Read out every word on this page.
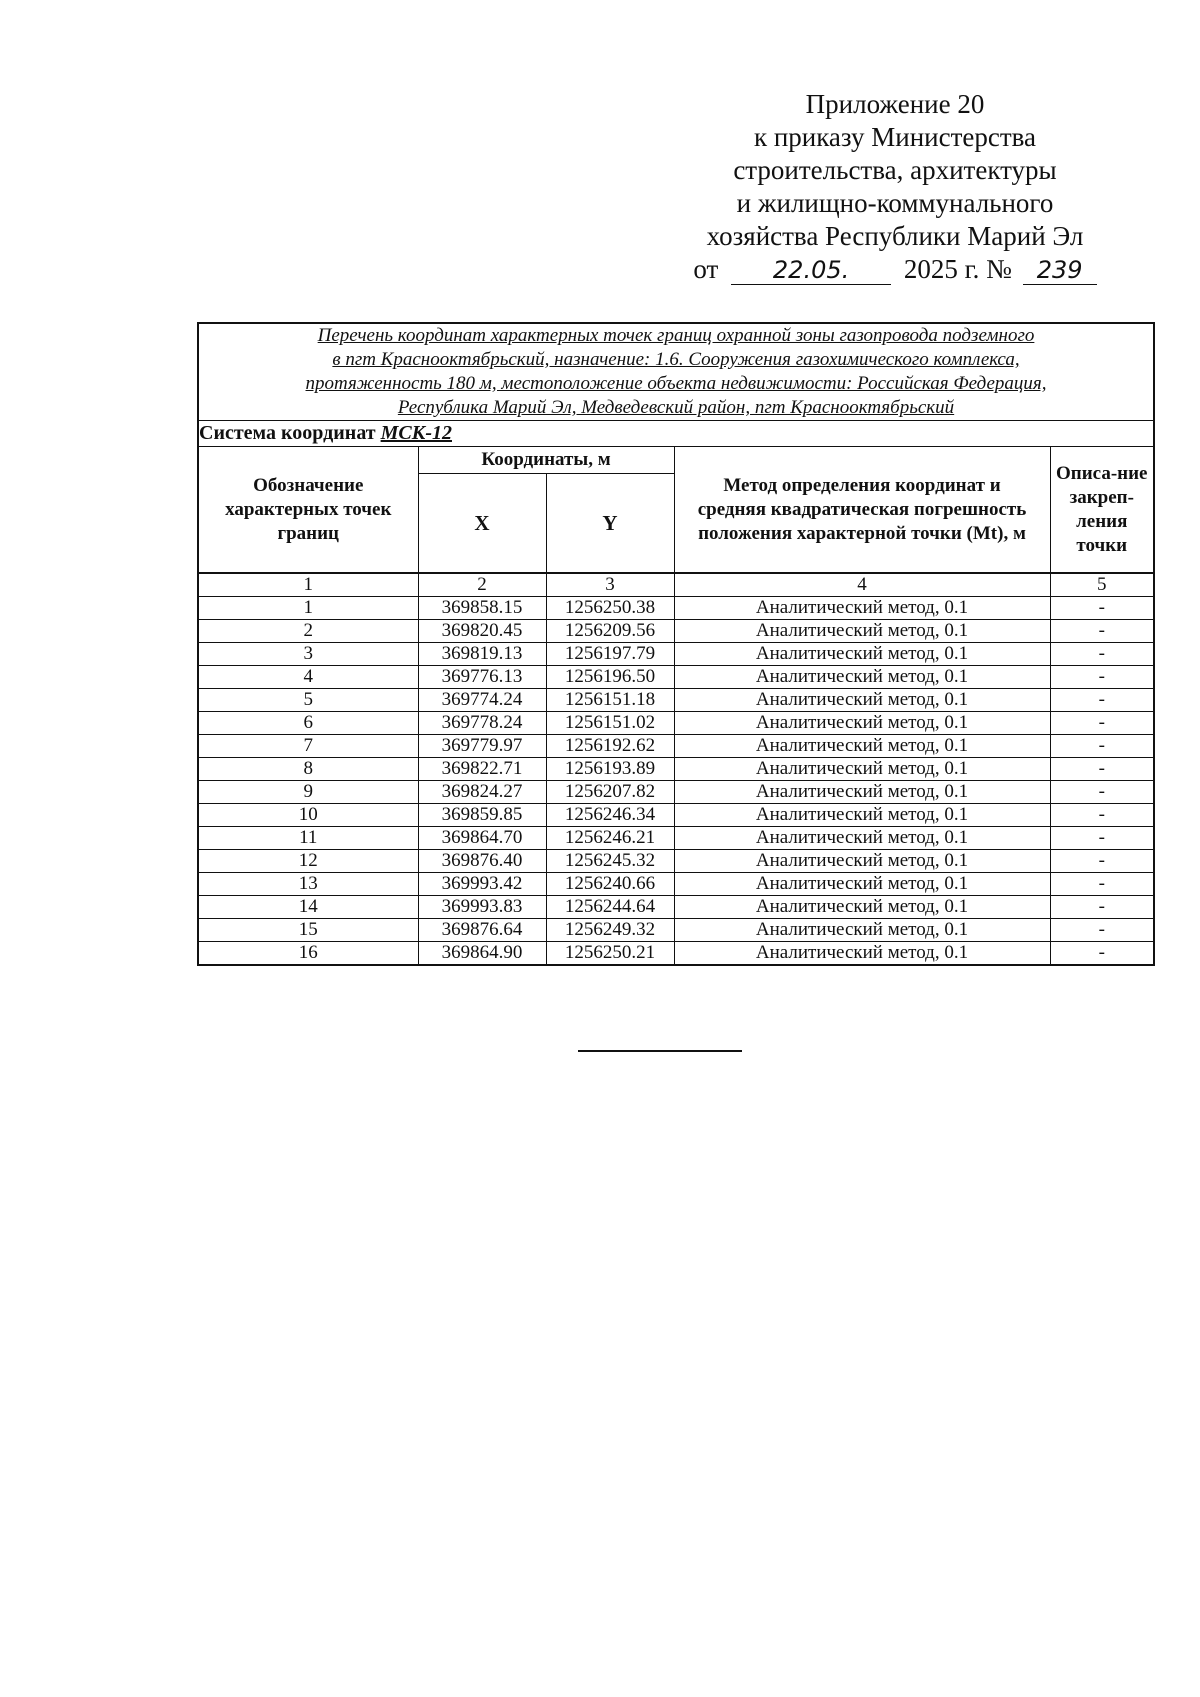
Приложение 20
к приказу Министерства
строительства, архитектуры
и жилищно-коммунального
хозяйства Республики Марий Эл
от 22.05. 2025 г. № 239
Перечень координат характерных точек границ охранной зоны газопровода подземного
в пгт Краснооктябрьский, назначение: 1.6. Сооружения газохимического комплекса,
протяженность 180 м, местоположение объекта недвижимости: Российская Федерация,
Республика Марий Эл, Медведевский район, пгт Краснооктябрьский				

Система координат МСК-12				
Обозначение характерных точек границ	Координаты, м		Метод определения координат и средняя квадратическая погрешность положения характерной точки (Mt), м	Описа-ние закреп-ления точки
	X	Y		
1	2	3	4	5
1	369858.15	1256250.38	Аналитический метод, 0.1	-
2	369820.45	1256209.56	Аналитический метод, 0.1	-
3	369819.13	1256197.79	Аналитический метод, 0.1	-
4	369776.13	1256196.50	Аналитический метод, 0.1	-
5	369774.24	1256151.18	Аналитический метод, 0.1	-
6	369778.24	1256151.02	Аналитический метод, 0.1	-
7	369779.97	1256192.62	Аналитический метод, 0.1	-
8	369822.71	1256193.89	Аналитический метод, 0.1	-
9	369824.27	1256207.82	Аналитический метод, 0.1	-
10	369859.85	1256246.34	Аналитический метод, 0.1	-
11	369864.70	1256246.21	Аналитический метод, 0.1	-
12	369876.40	1256245.32	Аналитический метод, 0.1	-
13	369993.42	1256240.66	Аналитический метод, 0.1	-
14	369993.83	1256244.64	Аналитический метод, 0.1	-
15	369876.64	1256249.32	Аналитический метод, 0.1	-
16	369864.90	1256250.21	Аналитический метод, 0.1	-
